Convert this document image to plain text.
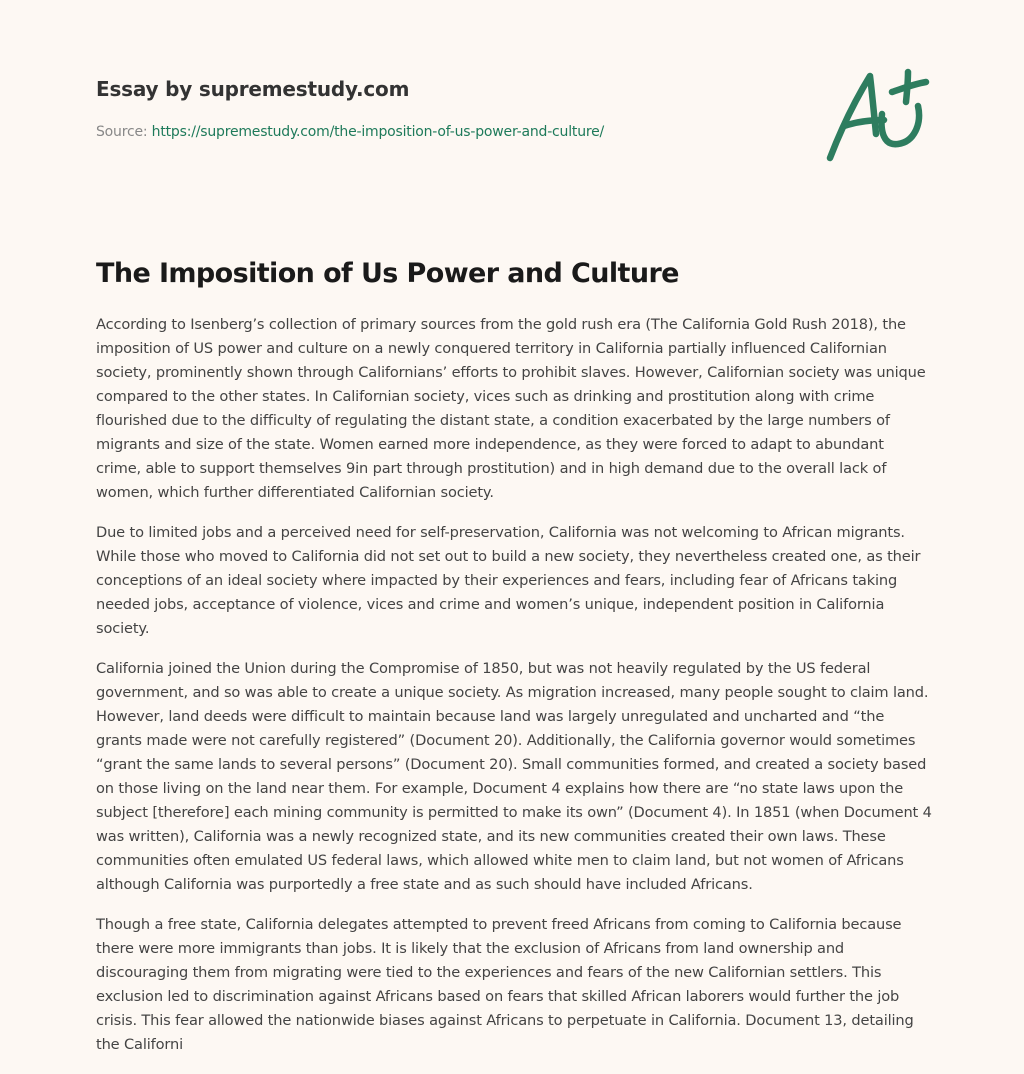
Essay by supremestudy.com
Source: https://supremestudy.com/the-imposition-of-us-power-and-culture/
The Imposition of Us Power and Culture

According to Isenberg’s collection of primary sources from the gold rush era (The California Gold Rush 2018), the imposition of US power and culture on a newly conquered territory in California partially influenced Californian society, prominently shown through Californians’ efforts to prohibit slaves. However, Californian society was unique compared to the other states. In Californian society, vices such as drinking and prostitution along with crime flourished due to the difficulty of regulating the distant state, a condition exacerbated by the large numbers of migrants and size of the state. Women earned more independence, as they were forced to adapt to abundant crime, able to support themselves 9in part through prostitution) and in high demand due to the overall lack of women, which further differentiated Californian society.

Due to limited jobs and a perceived need for self-preservation, California was not welcoming to African migrants. While those who moved to California did not set out to build a new society, they nevertheless created one, as their conceptions of an ideal society where impacted by their experiences and fears, including fear of Africans taking needed jobs, acceptance of violence, vices and crime and women’s unique, independent position in California society.

California joined the Union during the Compromise of 1850, but was not heavily regulated by the US federal government, and so was able to create a unique society. As migration increased, many people sought to claim land. However, land deeds were difficult to maintain because land was largely unregulated and uncharted and “the grants made were not carefully registered” (Document 20). Additionally, the California governor would sometimes “grant the same lands to several persons” (Document 20). Small communities formed, and created a society based on those living on the land near them. For example, Document 4 explains how there are “no state laws upon the subject [therefore] each mining community is permitted to make its own” (Document 4). In 1851 (when Document 4 was written), California was a newly recognized state, and its new communities created their own laws. These communities often emulated US federal laws, which allowed white men to claim land, but not women of Africans although California was purportedly a free state and as such should have included Africans.

Though a free state, California delegates attempted to prevent freed Africans from coming to California because there were more immigrants than jobs. It is likely that the exclusion of Africans from land ownership and discouraging them from migrating were tied to the experiences and fears of the new Californian settlers. This exclusion led to discrimination against Africans based on fears that skilled African laborers would further the job crisis. This fear allowed the nationwide biases against Africans to perpetuate in California. Document 13, detailing the Californi
